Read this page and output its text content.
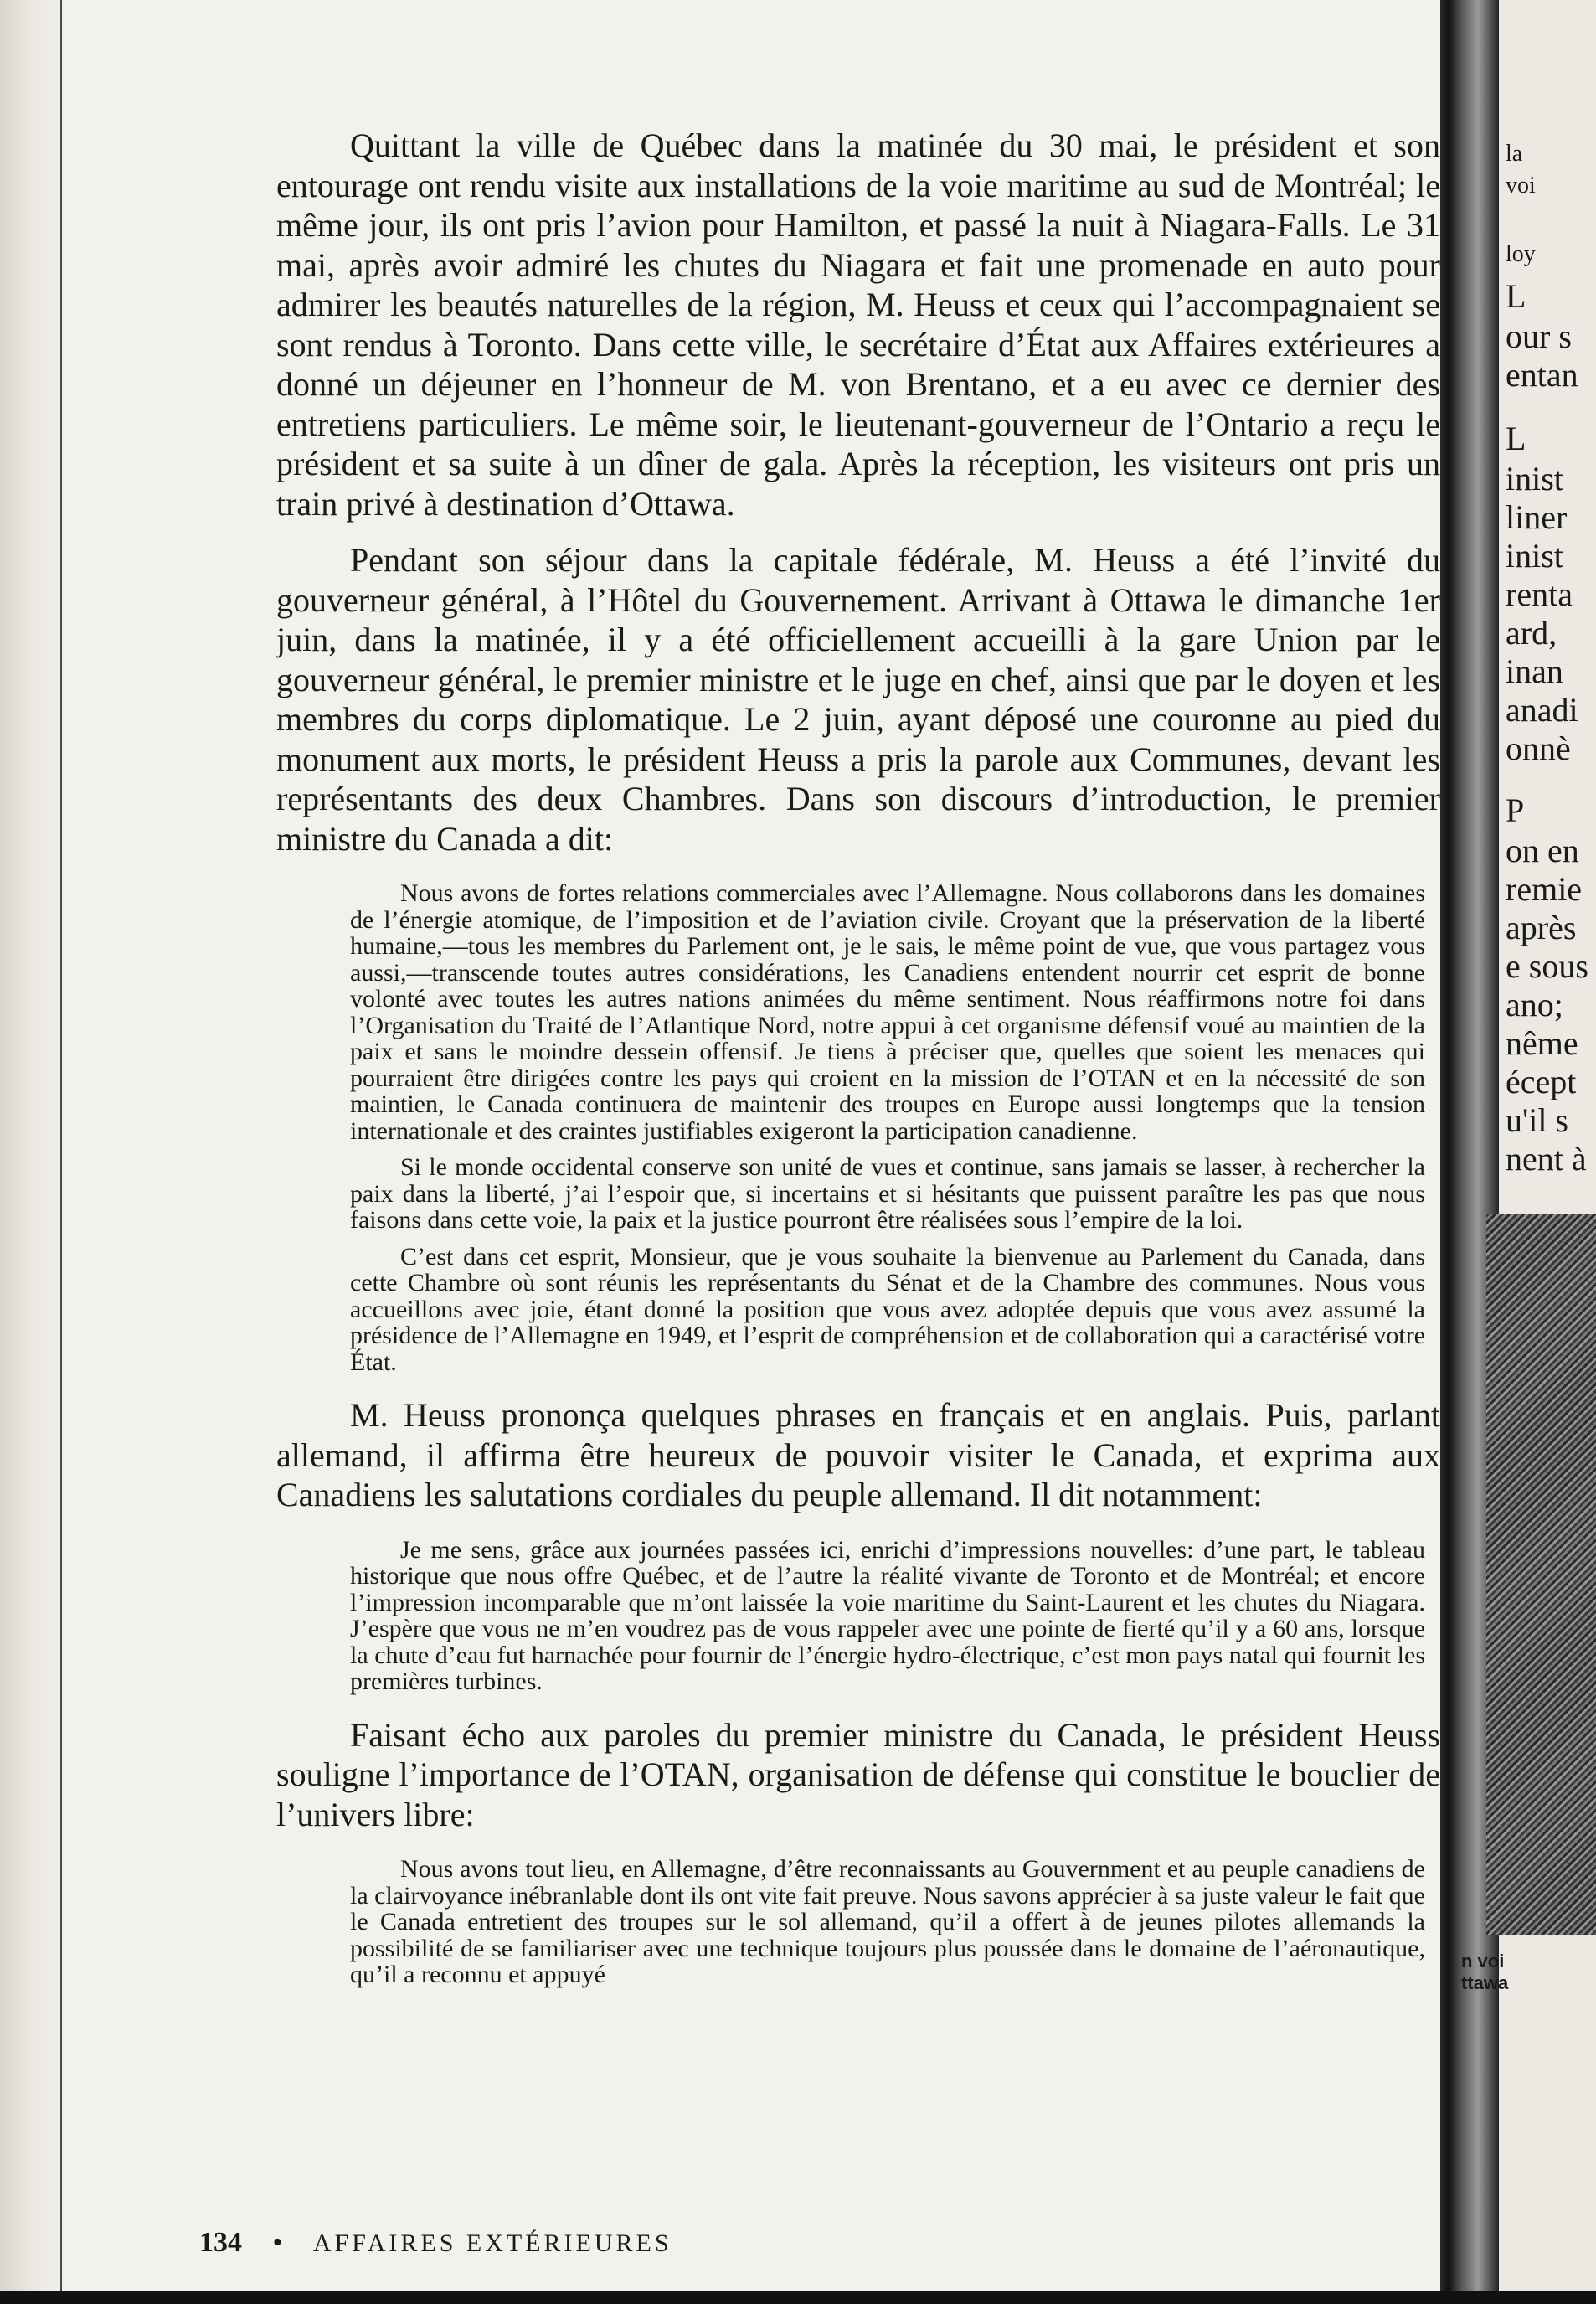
Quittant la ville de Québec dans la matinée du 30 mai, le président et son entourage ont rendu visite aux installations de la voie maritime au sud de Montréal; le même jour, ils ont pris l’avion pour Hamilton, et passé la nuit à Niagara-Falls. Le 31 mai, après avoir admiré les chutes du Niagara et fait une promenade en auto pour admirer les beautés naturelles de la région, M. Heuss et ceux qui l’accompagnaient se sont rendus à Toronto. Dans cette ville, le secrétaire d’État aux Affaires extérieures a donné un déjeuner en l’honneur de M. von Brentano, et a eu avec ce dernier des entretiens particuliers. Le même soir, le lieutenant-gouverneur de l’Ontario a reçu le président et sa suite à un dîner de gala. Après la réception, les visiteurs ont pris un train privé à destination d’Ottawa.

Pendant son séjour dans la capitale fédérale, M. Heuss a été l’invité du gouverneur général, à l’Hôtel du Gouvernement. Arrivant à Ottawa le dimanche 1er juin, dans la matinée, il y a été officiellement accueilli à la gare Union par le gouverneur général, le premier ministre et le juge en chef, ainsi que par le doyen et les membres du corps diplomatique. Le 2 juin, ayant déposé une couronne au pied du monument aux morts, le président Heuss a pris la parole aux Communes, devant les représentants des deux Chambres. Dans son discours d’introduction, le premier ministre du Canada a dit:

Nous avons de fortes relations commerciales avec l’Allemagne. Nous collaborons dans les domaines de l’énergie atomique, de l’imposition et de l’aviation civile. Croyant que la préservation de la liberté humaine,—tous les membres du Parlement ont, je le sais, le même point de vue, que vous partagez vous aussi,—transcende toutes autres considérations, les Canadiens entendent nourrir cet esprit de bonne volonté avec toutes les autres nations animées du même sentiment. Nous réaffirmons notre foi dans l’Organisation du Traité de l’Atlantique Nord, notre appui à cet organisme défensif voué au maintien de la paix et sans le moindre dessein offensif. Je tiens à préciser que, quelles que soient les menaces qui pourraient être dirigées contre les pays qui croient en la mission de l’OTAN et en la nécessité de son maintien, le Canada continuera de maintenir des troupes en Europe aussi longtemps que la tension internationale et des craintes justifiables exigeront la participation canadienne.

Si le monde occidental conserve son unité de vues et continue, sans jamais se lasser, à rechercher la paix dans la liberté, j’ai l’espoir que, si incertains et si hésitants que puissent paraître les pas que nous faisons dans cette voie, la paix et la justice pourront être réalisées sous l’empire de la loi.

C’est dans cet esprit, Monsieur, que je vous souhaite la bienvenue au Parlement du Canada, dans cette Chambre où sont réunis les représentants du Sénat et de la Chambre des communes. Nous vous accueillons avec joie, étant donné la position que vous avez adoptée depuis que vous avez assumé la présidence de l’Allemagne en 1949, et l’esprit de compréhension et de collaboration qui a caractérisé votre État.

M. Heuss prononça quelques phrases en français et en anglais. Puis, parlant allemand, il affirma être heureux de pouvoir visiter le Canada, et exprima aux Canadiens les salutations cordiales du peuple allemand. Il dit notamment:

Je me sens, grâce aux journées passées ici, enrichi d’impressions nouvelles: d’une part, le tableau historique que nous offre Québec, et de l’autre la réalité vivante de Toronto et de Montréal; et encore l’impression incomparable que m’ont laissée la voie maritime du Saint-Laurent et les chutes du Niagara. J’espère que vous ne m’en voudrez pas de vous rappeler avec une pointe de fierté qu’il y a 60 ans, lorsque la chute d’eau fut harnachée pour fournir de l’énergie hydro-électrique, c’est mon pays natal qui fournit les premières turbines.

Faisant écho aux paroles du premier ministre du Canada, le président Heuss souligne l’importance de l’OTAN, organisation de défense qui constitue le bouclier de l’univers libre:

Nous avons tout lieu, en Allemagne, d’être reconnaissants au Gouvernment et au peuple canadiens de la clairvoyance inébranlable dont ils ont vite fait preuve. Nous savons apprécier à sa juste valeur le fait que le Canada entretient des troupes sur le sol allemand, qu’il a offert à de jeunes pilotes allemands la possibilité de se familiariser avec une technique toujours plus poussée dans le domaine de l’aéronautique, qu’il a reconnu et appuyé

134 • AFFAIRES EXTÉRIEURES
la
voi
loy
L
our s
entan
L
inist
liner
inist
renta
ard,
inan
anadi
onnè
P
on en
remie
après
e sous
ano;
nême
écept
u'il s
nent à
n voi
ttawa
